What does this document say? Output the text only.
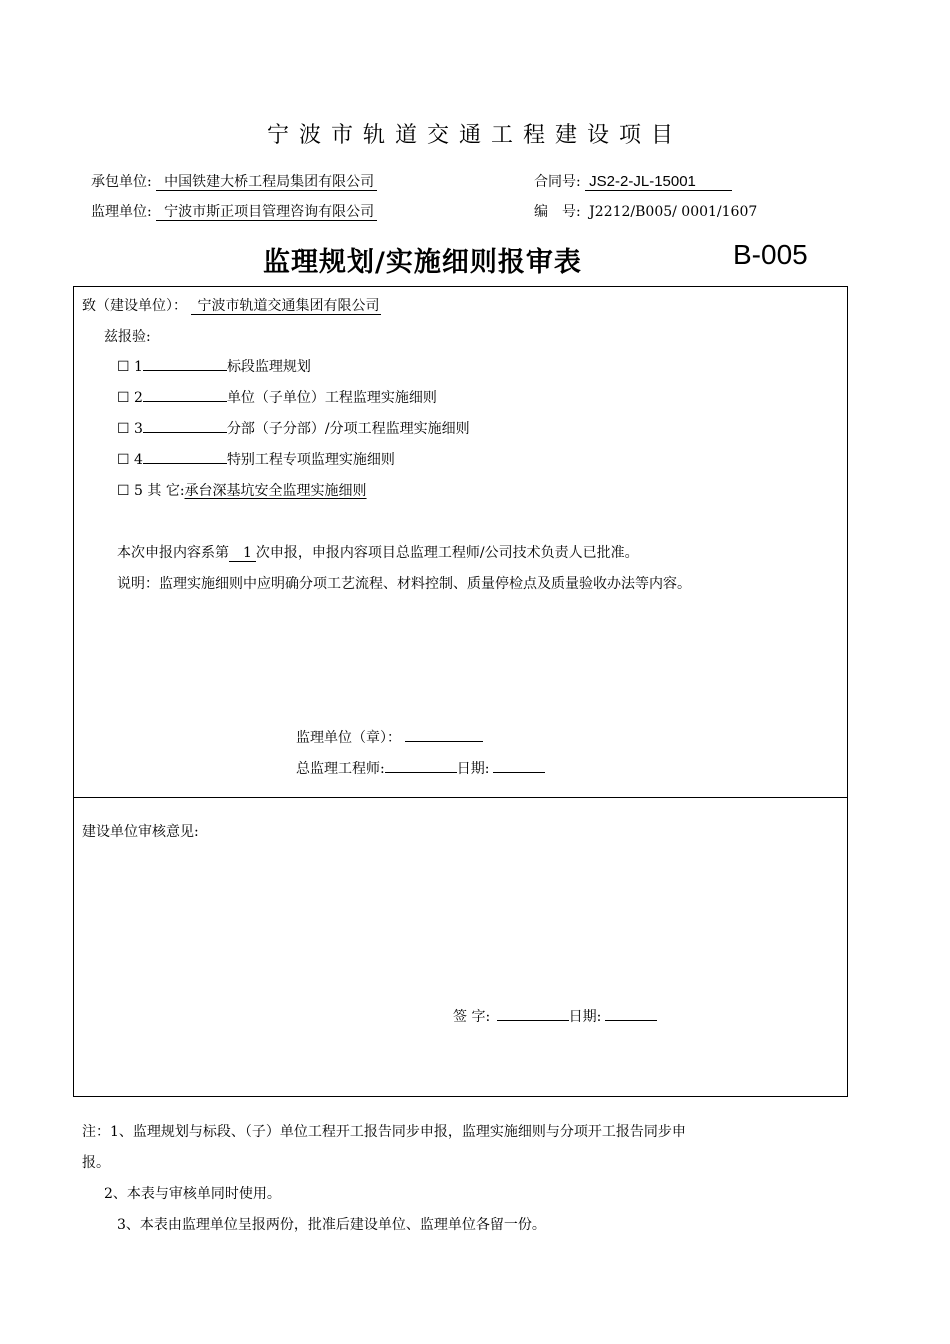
宁波市轨道交通工程建设项目
承包单位: 中国铁建大桥工程局集团有限公司	合同号: JS2-2-JL-15001
监理单位: 宁波市斯正项目管理咨询有限公司	编　号: J2212/B005/ 0001/1607
监理规划/实施细则报审表	B-005
致（建设单位）： 宁波市轨道交通集团有限公司
兹报验:
☐ 1	标段监理规划
☐ 2	单位（子单位）工程监理实施细则
☐ 3	分部（子分部）/分项工程监理实施细则
☐ 4	特别工程专项监理实施细则
☐ 5 其 它:承台深基坑安全监理实施细则
本次申报内容系第 1 次申报，申报内容项目总监理工程师/公司技术负责人已批准。
说明：监理实施细则中应明确分项工艺流程、材料控制、质量停检点及质量验收办法等内容。
监理单位（章）：
总监理工程师:	日期:
建设单位审核意见:
签 字:	日期:
注：1、监理规划与标段、（子）单位工程开工报告同步申报，监理实施细则与分项开工报告同步申
报。
2、本表与审核单同时使用。
3、本表由监理单位呈报两份，批准后建设单位、监理单位各留一份。
